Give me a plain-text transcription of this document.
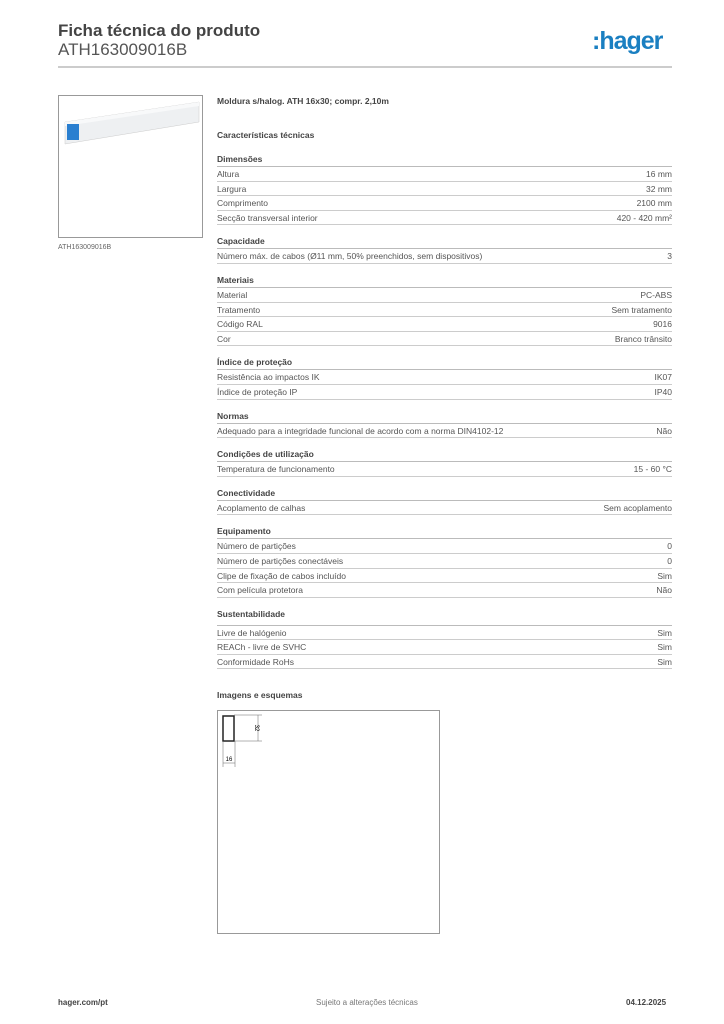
Ficha técnica do produto
ATH163009016B	:hager
ATH163009016B
Moldura s/halog. ATH 16x30; compr. 2,10m
Características técnicas
Dimensões
Altura	16 mm
Largura	32 mm
Comprimento	2100 mm
Secção transversal interior	420 - 420 mm²
Capacidade
Número máx. de cabos (Ø11 mm, 50% preenchidos, sem dispositivos)	3
Materiais
Material	PC-ABS
Tratamento	Sem tratamento
Código RAL	9016
Cor	Branco trânsito
Índice de proteção
Resistência ao impactos IK	IK07
Índice de proteção IP	IP40
Normas
Adequado para a integridade funcional de acordo com a norma DIN4102-12	Não
Condições de utilização
Temperatura de funcionamento	15 - 60 °C
Conectividade
Acoplamento de calhas	Sem acoplamento
Equipamento
Número de partições	0
Número de partições conectáveis	0
Clipe de fixação de cabos incluído	Sim
Com película protetora	Não
Sustentabilidade
Livre de halógenio	Sim
REACh - livre de SVHC	Sim
Conformidade RoHs	Sim
Imagens e esquemas
32
16
hager.com/pt	Sujeito a alterações técnicas	04.12.2025
